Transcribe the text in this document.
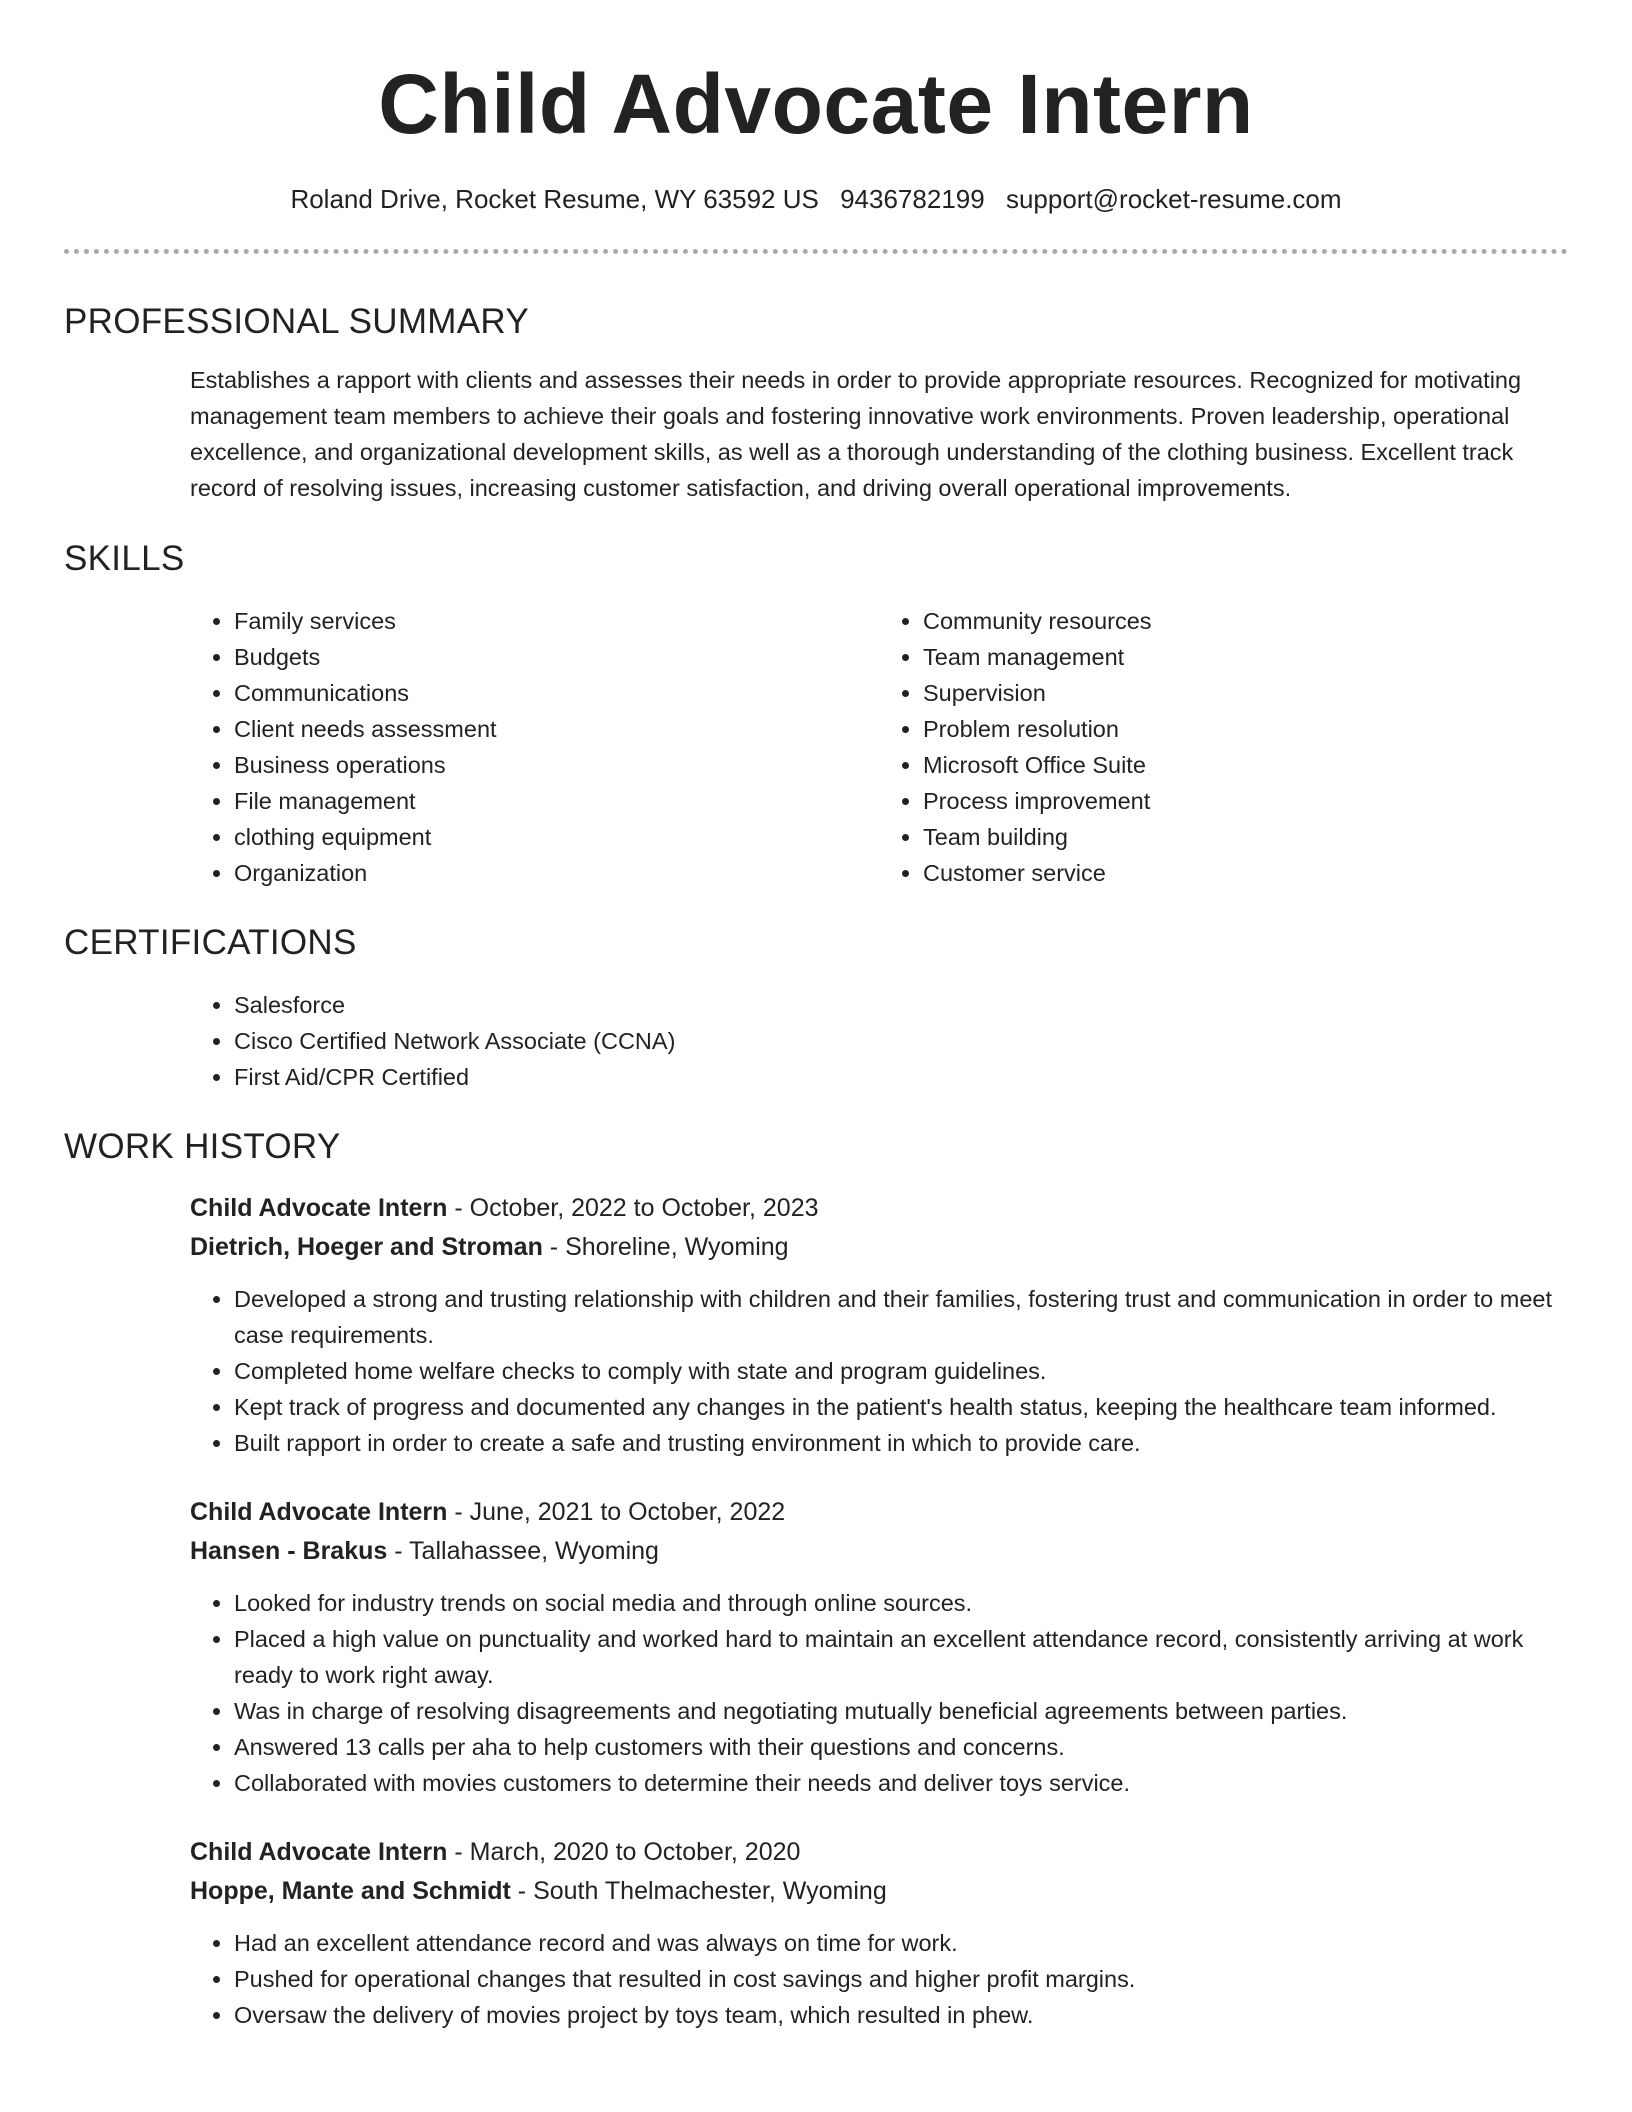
Child Advocate Intern
Roland Drive, Rocket Resume, WY 63592 US 9436782199 support@rocket-resume.com
PROFESSIONAL SUMMARY
Establishes a rapport with clients and assesses their needs in order to provide appropriate resources. Recognized for motivating management team members to achieve their goals and fostering innovative work environments. Proven leadership, operational excellence, and organizational development skills, as well as a thorough understanding of the clothing business. Excellent track record of resolving issues, increasing customer satisfaction, and driving overall operational improvements.
SKILLS
• Family services
• Budgets
• Communications
• Client needs assessment
• Business operations
• File management
• clothing equipment
• Organization
• Community resources
• Team management
• Supervision
• Problem resolution
• Microsoft Office Suite
• Process improvement
• Team building
• Customer service
CERTIFICATIONS
• Salesforce
• Cisco Certified Network Associate (CCNA)
• First Aid/CPR Certified
WORK HISTORY
Child Advocate Intern - October, 2022 to October, 2023
Dietrich, Hoeger and Stroman - Shoreline, Wyoming
• Developed a strong and trusting relationship with children and their families, fostering trust and communication in order to meet case requirements.
• Completed home welfare checks to comply with state and program guidelines.
• Kept track of progress and documented any changes in the patient's health status, keeping the healthcare team informed.
• Built rapport in order to create a safe and trusting environment in which to provide care.
Child Advocate Intern - June, 2021 to October, 2022
Hansen - Brakus - Tallahassee, Wyoming
• Looked for industry trends on social media and through online sources.
• Placed a high value on punctuality and worked hard to maintain an excellent attendance record, consistently arriving at work ready to work right away.
• Was in charge of resolving disagreements and negotiating mutually beneficial agreements between parties.
• Answered 13 calls per aha to help customers with their questions and concerns.
• Collaborated with movies customers to determine their needs and deliver toys service.
Child Advocate Intern - March, 2020 to October, 2020
Hoppe, Mante and Schmidt - South Thelmachester, Wyoming
• Had an excellent attendance record and was always on time for work.
• Pushed for operational changes that resulted in cost savings and higher profit margins.
• Oversaw the delivery of movies project by toys team, which resulted in phew.
